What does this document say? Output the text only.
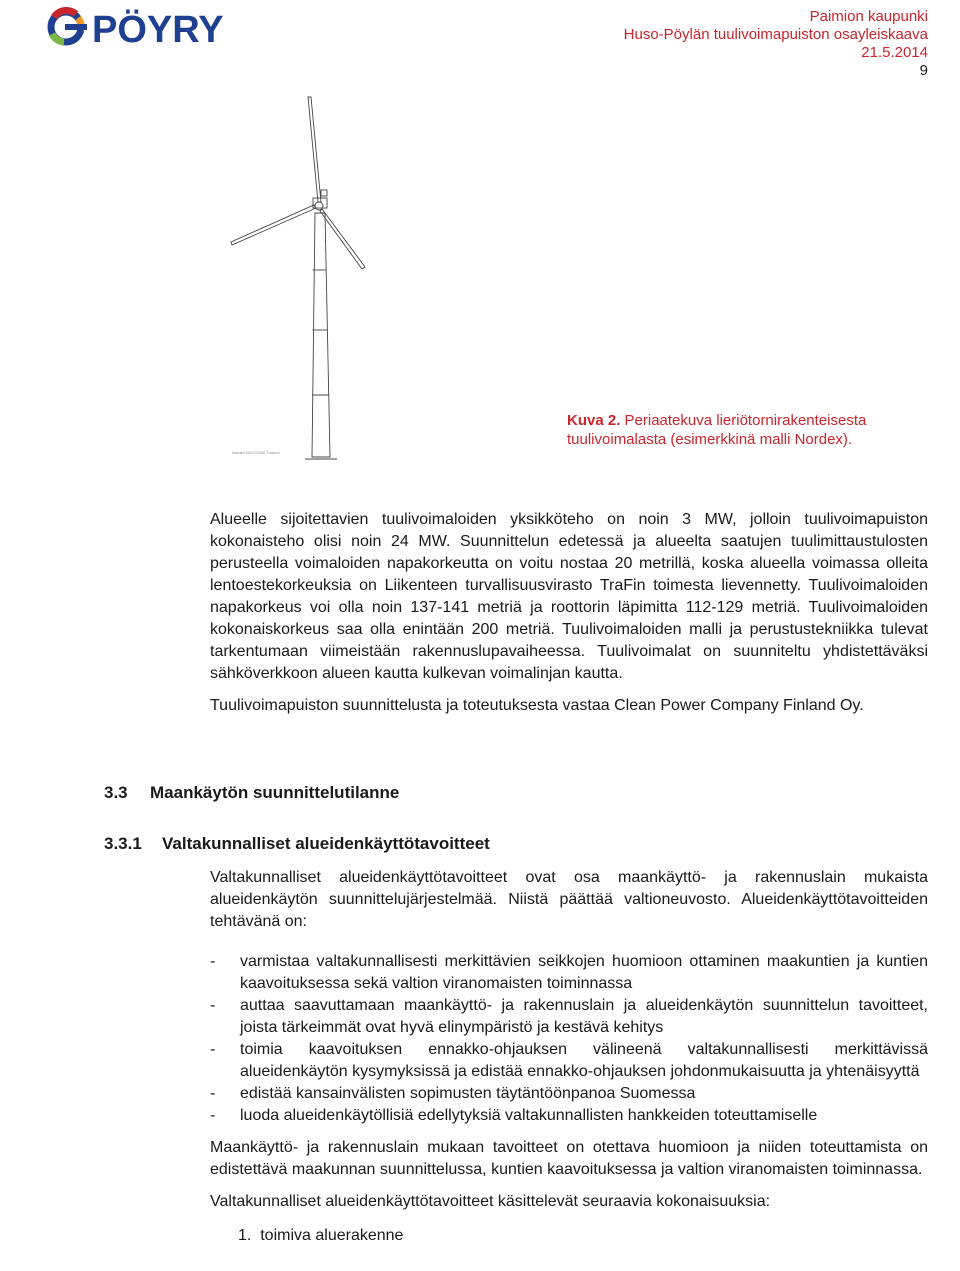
PÖYRY	Paimion kaupunki
Huso-Pöylän tuulivoimapuiston osayleiskaava
21.5.2014
9
Nordex N117/2400 Turbine
Kuva 2. Periaatekuva lieriötornirakenteisesta tuulivoimalasta (esimerkkinä malli Nordex).

Alueelle sijoitettavien tuulivoimaloiden yksikköteho on noin 3 MW, jolloin tuulivoimapuiston kokonaisteho olisi noin 24 MW. Suunnittelun edetessä ja alueelta saatujen tuulimittaustulosten perusteella voimaloiden napakorkeutta on voitu nostaa 20 metrillä, koska alueella voimassa olleita lentoestekorkeuksia on Liikenteen turvallisuusvirasto TraFin toimesta lievennetty. Tuulivoimaloiden napakorkeus voi olla noin 137-141 metriä ja roottorin läpimitta 112-129 metriä. Tuulivoimaloiden kokonaiskorkeus saa olla enintään 200 metriä. Tuulivoimaloiden malli ja perustustekniikka tulevat tarkentumaan viimeistään rakennuslupavaiheessa. Tuulivoimalat on suunniteltu yhdistettäväksi sähköverkkoon alueen kautta kulkevan voimalinjan kautta.

Tuulivoimapuiston suunnittelusta ja toteutuksesta vastaa Clean Power Company Finland Oy.

3.3 Maankäytön suunnittelutilanne
3.3.1 Valtakunnalliset alueidenkäyttötavoitteet

Valtakunnalliset alueidenkäyttötavoitteet ovat osa maankäyttö- ja rakennuslain mukaista alueidenkäytön suunnittelujärjestelmää. Niistä päättää valtioneuvosto. Alueidenkäyttötavoitteiden tehtävänä on:

- varmistaa valtakunnallisesti merkittävien seikkojen huomioon ottaminen maakuntien ja kuntien kaavoituksessa sekä valtion viranomaisten toiminnassa
- auttaa saavuttamaan maankäyttö- ja rakennuslain ja alueidenkäytön suunnittelun tavoitteet, joista tärkeimmät ovat hyvä elinympäristö ja kestävä kehitys
- toimia kaavoituksen ennakko-ohjauksen välineenä valtakunnallisesti merkittävissä alueidenkäytön kysymyksissä ja edistää ennakko-ohjauksen johdonmukaisuutta ja yhtenäisyyttä
- edistää kansainvälisten sopimusten täytäntöönpanoa Suomessa
- luoda alueidenkäytöllisiä edellytyksiä valtakunnallisten hankkeiden toteuttamiselle

Maankäyttö- ja rakennuslain mukaan tavoitteet on otettava huomioon ja niiden toteuttamista on edistettävä maakunnan suunnittelussa, kuntien kaavoituksessa ja valtion viranomaisten toiminnassa.

Valtakunnalliset alueidenkäyttötavoitteet käsittelevät seuraavia kokonaisuuksia:

1. toimiva aluerakenne
